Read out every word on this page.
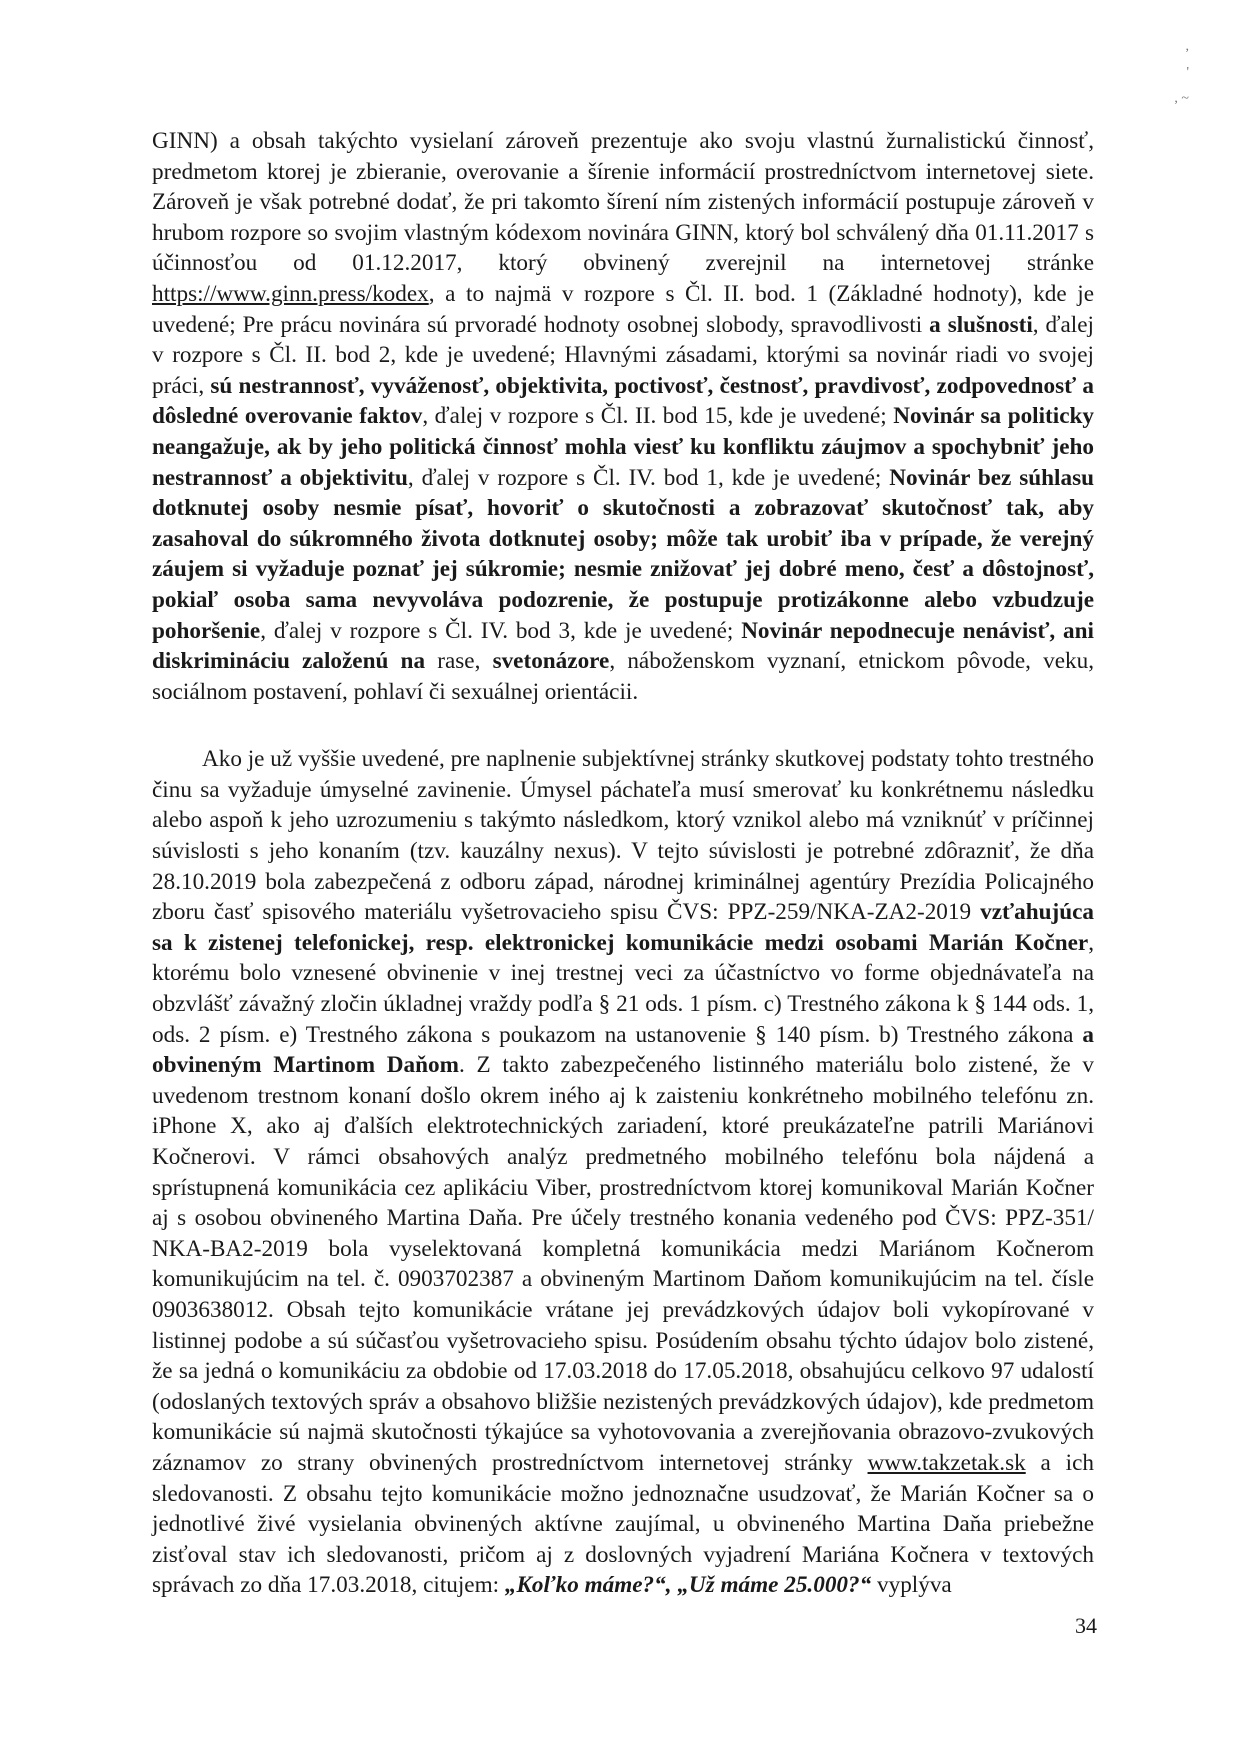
,
'
, ~

GINN) a obsah takýchto vysielaní zároveň prezentuje ako svoju vlastnú žurnalistickú činnosť, predmetom ktorej je zbieranie, overovanie a šírenie informácií prostredníctvom internetovej siete. Zároveň je však potrebné dodať, že pri takomto šírení ním zistených informácií postupuje zároveň v hrubom rozpore so svojim vlastným kódexom novinára GINN, ktorý bol schválený dňa 01.11.2017 s účinnosťou od 01.12.2017, ktorý obvinený zverejnil na internetovej stránke https://www.ginn.press/kodex, a to najmä v rozpore s Čl. II. bod. 1 (Základné hodnoty), kde je uvedené; Pre prácu novinára sú prvoradé hodnoty osobnej slobody, spravodlivosti a slušnosti, ďalej v rozpore s Čl. II. bod 2, kde je uvedené; Hlavnými zásadami, ktorými sa novinár riadi vo svojej práci, sú nestrannosť, vyváženosť, objektivita, poctivosť, čestnosť, pravdivosť, zodpovednosť a dôsledné overovanie faktov, ďalej v rozpore s Čl. II. bod 15, kde je uvedené; Novinár sa politicky neangažuje, ak by jeho politická činnosť mohla viesť ku konfliktu záujmov a spochybniť jeho nestrannosť a objektivitu, ďalej v rozpore s Čl. IV. bod 1, kde je uvedené; Novinár bez súhlasu dotknutej osoby nesmie písať, hovoriť o skutočnosti a zobrazovať skutočnosť tak, aby zasahoval do súkromného života dotknutej osoby; môže tak urobiť iba v prípade, že verejný záujem si vyžaduje poznať jej súkromie; nesmie znižovať jej dobré meno, česť a dôstojnosť, pokiaľ osoba sama nevyvoláva podozrenie, že postupuje protizákonne alebo vzbudzuje pohoršenie, ďalej v rozpore s Čl. IV. bod 3, kde je uvedené; Novinár nepodnecuje nenávisť, ani diskrimináciu založenú na rase, svetonázore, náboženskom vyznaní, etnickom pôvode, veku, sociálnom postavení, pohlaví či sexuálnej orientácii.

Ako je už vyššie uvedené, pre naplnenie subjektívnej stránky skutkovej podstaty tohto trestného činu sa vyžaduje úmyselné zavinenie. Úmysel páchateľa musí smerovať ku konkrétnemu následku alebo aspoň k jeho uzrozumeniu s takýmto následkom, ktorý vznikol alebo má vzniknúť v príčinnej súvislosti s jeho konaním (tzv. kauzálny nexus). V tejto súvislosti je potrebné zdôrazniť, že dňa 28.10.2019 bola zabezpečená z odboru západ, národnej kriminálnej agentúry Prezídia Policajného zboru časť spisového materiálu vyšetrovacieho spisu ČVS: PPZ-259/NKA-ZA2-2019 vzťahujúca sa k zistenej telefonickej, resp. elektronickej komunikácie medzi osobami Marián Kočner, ktorému bolo vznesené obvinenie v inej trestnej veci za účastníctvo vo forme objednávateľa na obzvlášť závažný zločin úkladnej vraždy podľa § 21 ods. 1 písm. c) Trestného zákona k § 144 ods. 1, ods. 2 písm. e) Trestného zákona s poukazom na ustanovenie § 140 písm. b) Trestného zákona a obvineným Martinom Daňom. Z takto zabezpečeného listinného materiálu bolo zistené, že v uvedenom trestnom konaní došlo okrem iného aj k zaisteniu konkrétneho mobilného telefónu zn. iPhone X, ako aj ďalších elektrotechnických zariadení, ktoré preukázateľne patrili Mariánovi Kočnerovi. V rámci obsahových analýz predmetného mobilného telefónu bola nájdená a sprístupnená komunikácia cez aplikáciu Viber, prostredníctvom ktorej komunikoval Marián Kočner aj s osobou obvineného Martina Daňa. Pre účely trestného konania vedeného pod ČVS: PPZ-351/ NKA-BA2-2019 bola vyselektovaná kompletná komunikácia medzi Mariánom Kočnerom komunikujúcim na tel. č. 0903702387 a obvineným Martinom Daňom komunikujúcim na tel. čísle 0903638012. Obsah tejto komunikácie vrátane jej prevádzkových údajov boli vykopírované v listinnej podobe a sú súčasťou vyšetrovacieho spisu. Posúdením obsahu týchto údajov bolo zistené, že sa jedná o komunikáciu za obdobie od 17.03.2018 do 17.05.2018, obsahujúcu celkovo 97 udalostí (odoslaných textových správ a obsahovo bližšie nezistených prevádzkových údajov), kde predmetom komunikácie sú najmä skutočnosti týkajúce sa vyhotovovania a zverejňovania obrazovo-zvukových záznamov zo strany obvinených prostredníctvom internetovej stránky www.takzetak.sk a ich sledovanosti. Z obsahu tejto komunikácie možno jednoznačne usudzovať, že Marián Kočner sa o jednotlivé živé vysielania obvinených aktívne zaujímal, u obvineného Martina Daňa priebežne zisťoval stav ich sledovanosti, pričom aj z doslovných vyjadrení Mariána Kočnera v textových správach zo dňa 17.03.2018, citujem: „Koľko máme?“, „Už máme 25.000?“ vyplýva

34
